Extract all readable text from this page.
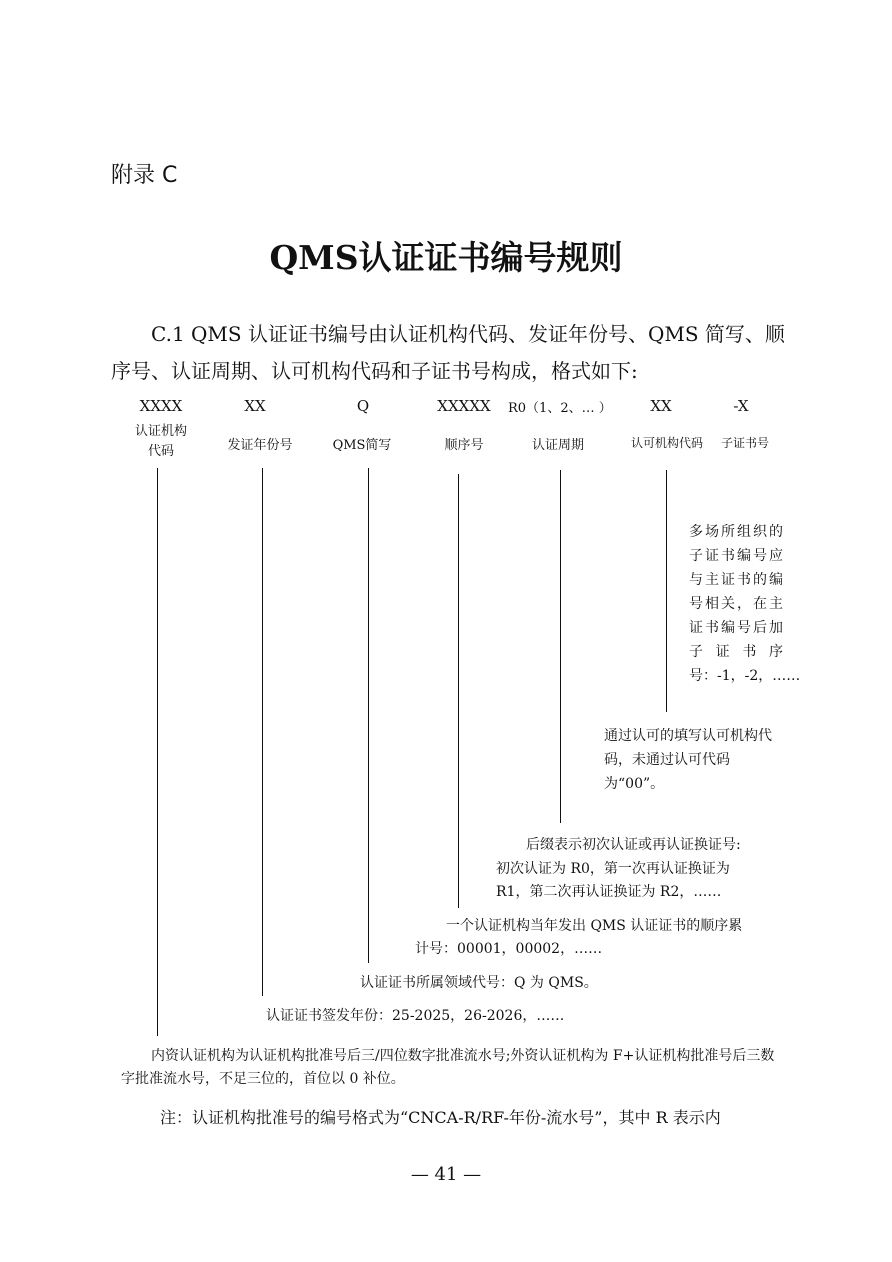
附录 C
QMS认证证书编号规则
C.1 QMS 认证证书编号由认证机构代码、发证年份号、QMS 简写、顺序号、认证周期、认可机构代码和子证书号构成，格式如下:
XXXX	XX	Q	XXXXX	R0（1、2、… ）	XX	-X
认证机构
代码	发证年份号	QMS简写	顺序号	认证周期	认可机构代码	子证书号
多场所组织的子证书编号应与主证书的编号相关，在主证书编号后加子证书序号：-1，-2，……
通过认可的填写认可机构代码，未通过认可代码为“00”。
后缀表示初次认证或再认证换证号:
初次认证为 R0，第一次再认证换证为
R1，第二次再认证换证为 R2，……
一个认证机构当年发出 QMS 认证证书的顺序累
计号：00001，00002，……
认证证书所属领域代号：Q 为 QMS。
认证证书签发年份：25-2025，26-2026，……
内资认证机构为认证机构批准号后三/四位数字批准流水号;外资认证机构为 F+认证机构批准号后三数字批准流水号，不足三位的，首位以 0 补位。
注：认证机构批准号的编号格式为“CNCA-R/RF-年份-流水号”，其中 R 表示内
— 41 —
